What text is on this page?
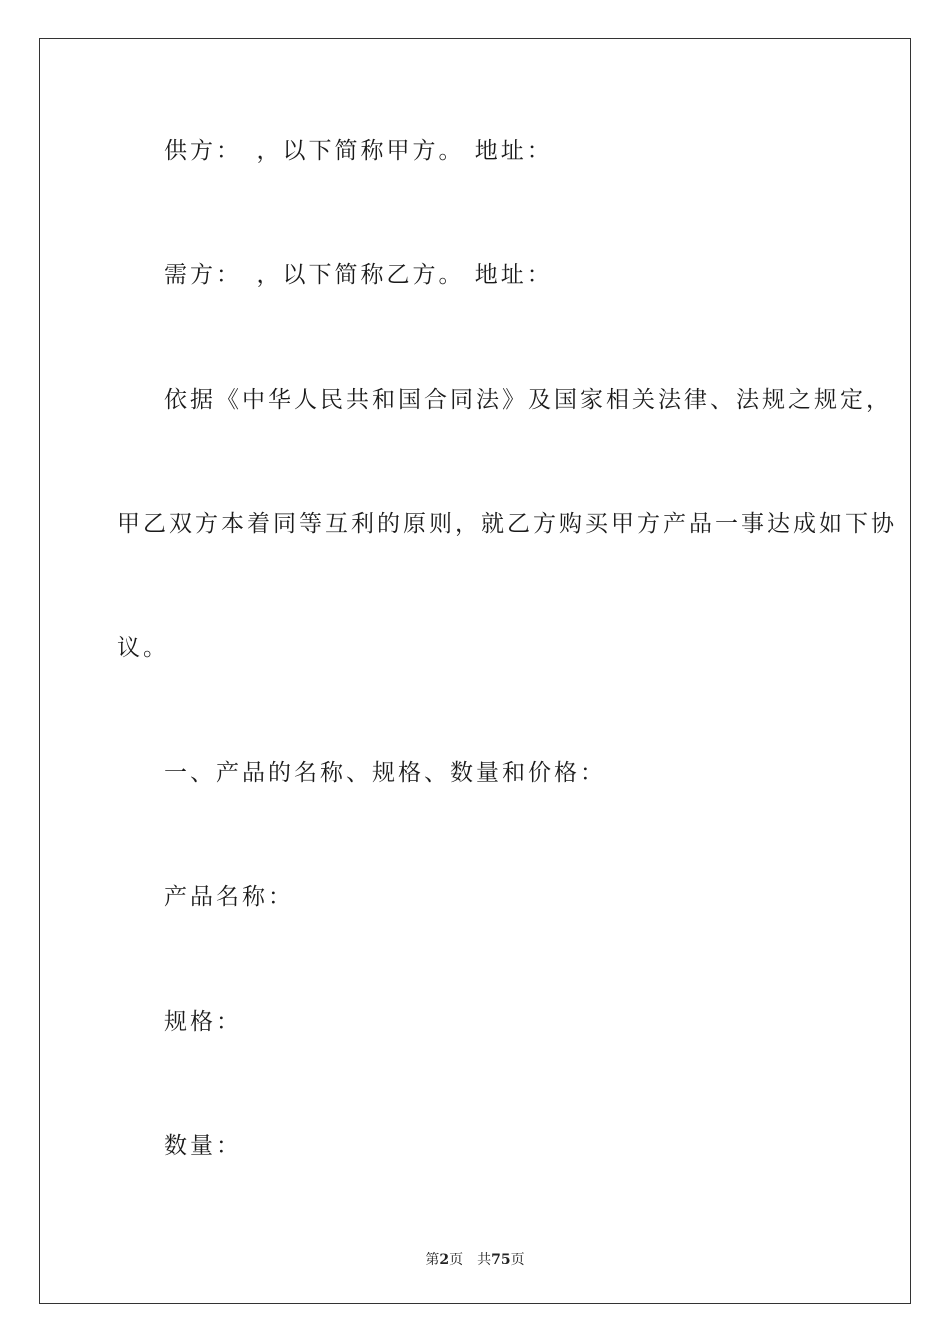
供方：　，以下简称甲方。 地址：
需方：　，以下简称乙方。 地址：
依据《中华人民共和国合同法》及国家相关法律、法规之规定，
甲乙双方本着同等互利的原则，就乙方购买甲方产品一事达成如下协
议。
一、产品的名称、规格、数量和价格：
产品名称：
规格：
数量：
第2页 共75页
